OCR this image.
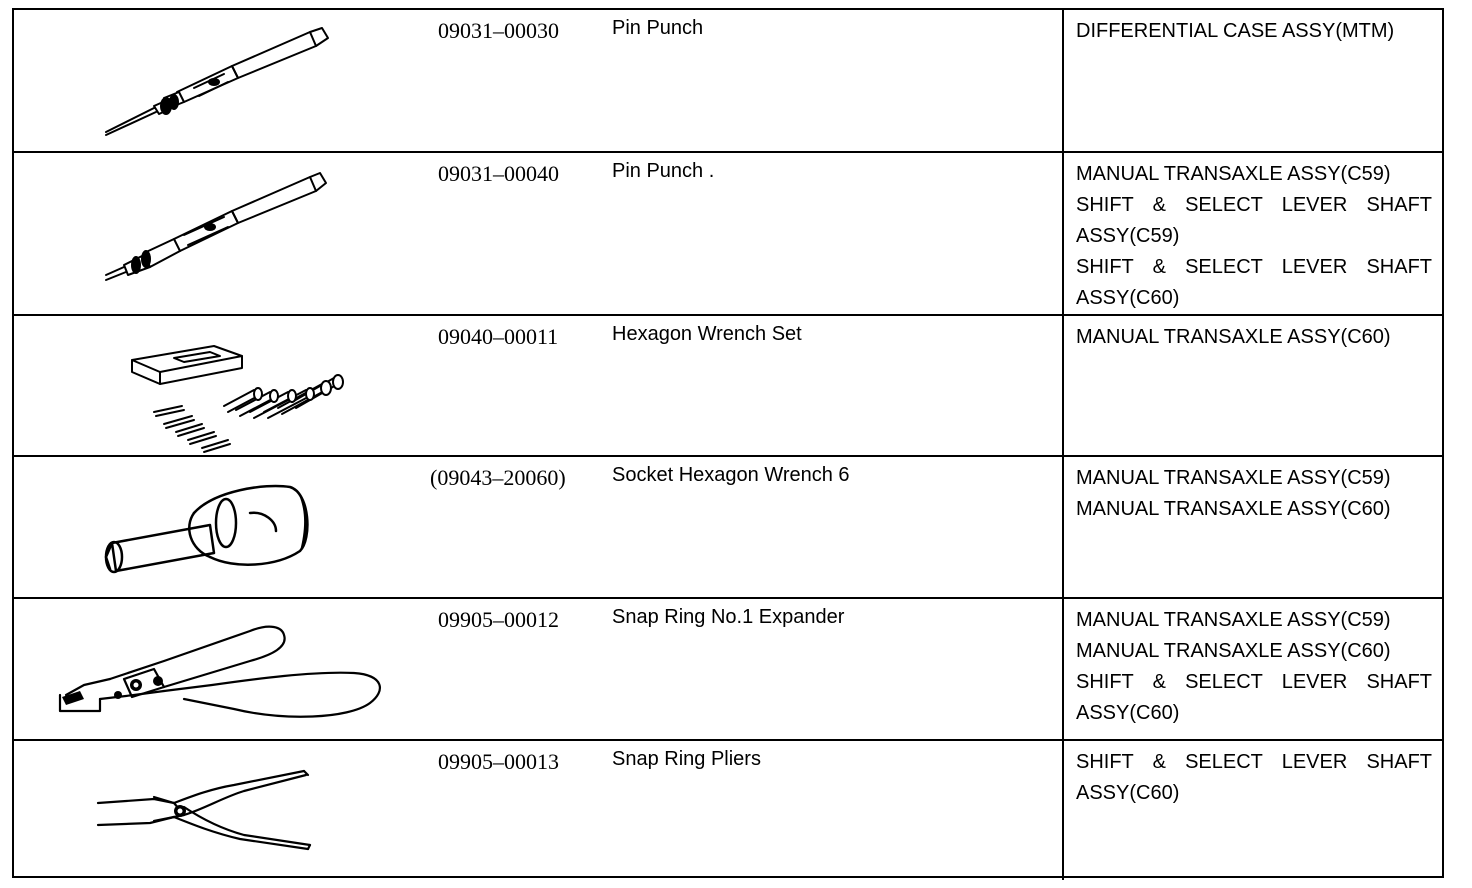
09031–00030	Pin Punch	DIFFERENTIAL CASE ASSY(MTM)
09031–00040	Pin Punch .	MANUAL TRANSAXLE ASSY(C59)
SHIFT & SELECT LEVER SHAFT
ASSY(C59)
SHIFT & SELECT LEVER SHAFT
ASSY(C60)
09040–00011	Hexagon Wrench Set	MANUAL TRANSAXLE ASSY(C60)
(09043–20060) Socket Hexagon Wrench 6	MANUAL TRANSAXLE ASSY(C59)
MANUAL TRANSAXLE ASSY(C60)
09905–00012	Snap Ring No.1 Expander	MANUAL TRANSAXLE ASSY(C59)
MANUAL TRANSAXLE ASSY(C60)
SHIFT & SELECT LEVER SHAFT
ASSY(C60)
09905–00013	Snap Ring Pliers	SHIFT & SELECT LEVER SHAFT
ASSY(C60)
